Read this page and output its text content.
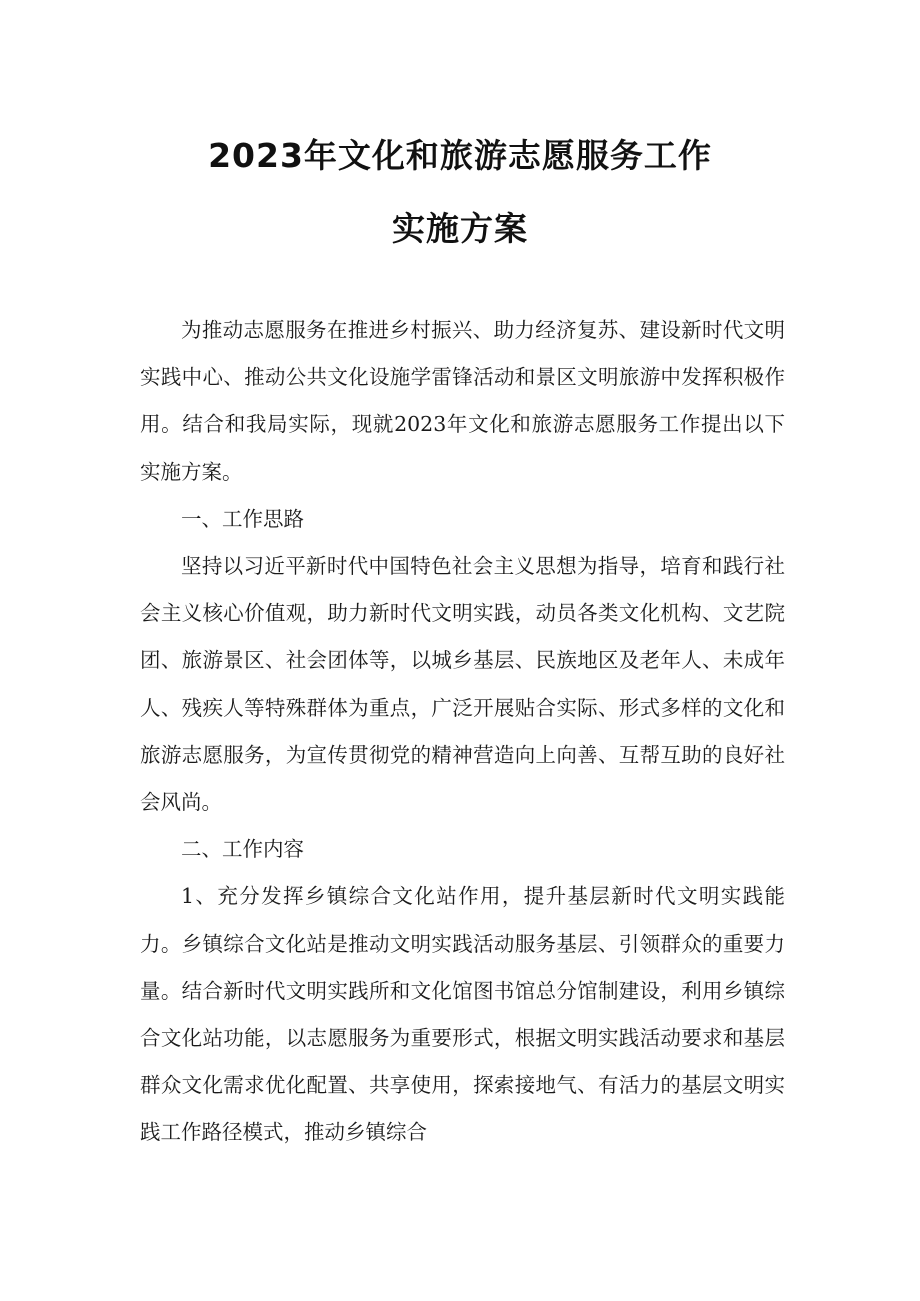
2023年文化和旅游志愿服务工作
实施方案

为推动志愿服务在推进乡村振兴、助力经济复苏、建设新时代文明实践中心、推动公共文化设施学雷锋活动和景区文明旅游中发挥积极作用。结合和我局实际，现就2023年文化和旅游志愿服务工作提出以下实施方案。

一、工作思路

坚持以习近平新时代中国特色社会主义思想为指导，培育和践行社会主义核心价值观，助力新时代文明实践，动员各类文化机构、文艺院团、旅游景区、社会团体等，以城乡基层、民族地区及老年人、未成年人、残疾人等特殊群体为重点，广泛开展贴合实际、形式多样的文化和旅游志愿服务，为宣传贯彻党的精神营造向上向善、互帮互助的良好社会风尚。

二、工作内容

1、充分发挥乡镇综合文化站作用，提升基层新时代文明实践能力。乡镇综合文化站是推动文明实践活动服务基层、引领群众的重要力量。结合新时代文明实践所和文化馆图书馆总分馆制建设，利用乡镇综合文化站功能，以志愿服务为重要形式，根据文明实践活动要求和基层群众文化需求优化配置、共享使用，探索接地气、有活力的基层文明实践工作路径模式，推动乡镇综合
